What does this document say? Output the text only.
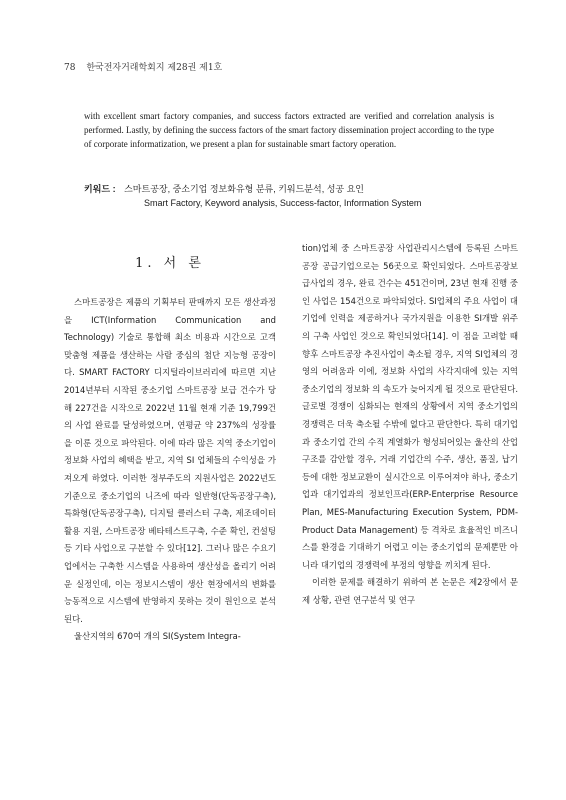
78 한국전자거래학회지 제28권 제1호
with excellent smart factory companies, and success factors extracted are verified and correlation analysis is performed. Lastly, by defining the success factors of the smart factory dissemination project according to the type of corporate informatization, we present a plan for sustainable smart factory operation.
키워드 : 스마트공장, 중소기업 정보화유형 분류, 키워드분석, 성공 요인
Smart Factory, Keyword analysis, Success-factor, Information System
1. 서 론

스마트공장은 제품의 기획부터 판매까지 모든 생산과정을 ICT(Information Communication and Technology) 기술로 통합해 최소 비용과 시간으로 고객 맞춤형 제품을 생산하는 사람 중심의 첨단 지능형 공장이다. SMART FACTORY 디지털라이브러리에 따르면 지난 2014년부터 시작된 중소기업 스마트공장 보급 건수가 당해 227건을 시작으로 2022년 11월 현재 기준 19,799건의 사업 완료를 달성하였으며, 연평균 약 237%의 성장률을 이룬 것으로 파악된다. 이에 따라 많은 지역 중소기업이 정보화 사업의 혜택을 받고, 지역 SI 업체들의 수익성을 가져오게 하였다. 이러한 정부주도의 지원사업은 2022년도 기준으로 중소기업의 니즈에 따라 일반형(단독공장구축), 특화형(단독공장구축), 디지털 클러스터 구축, 제조데이터 활용 지원, 스마트공장 베타테스트구축, 수준 확인, 컨설팅 등 기타 사업으로 구분할 수 있다[12]. 그러나 많은 수요기업에서는 구축한 시스템을 사용하여 생산성을 올리기 어려운 실정인데, 이는 정보시스템이 생산 현장에서의 변화를 능동적으로 시스템에 반영하지 못하는 것이 원인으로 분석된다.

울산지역의 670여 개의 SI(System Integra-

tion)업체 중 스마트공장 사업관리시스템에 등록된 스마트공장 공급기업으로는 56곳으로 확인되었다. 스마트공장보급사업의 경우, 완료 건수는 451건이며, 23년 현재 진행 중인 사업은 154건으로 파악되었다. SI업체의 주요 사업이 대기업에 인력을 제공하거나 국가지원을 이용한 SI개발 위주의 구축 사업인 것으로 확인되었다[14]. 이 점을 고려할 때 향후 스마트공장 추진사업이 축소될 경우, 지역 SI업체의 경영의 어려움과 이에, 정보화 사업의 사각지대에 있는 지역 중소기업의 정보화 의 속도가 늦어지게 될 것으로 판단된다. 글로벌 경쟁이 심화되는 현재의 상황에서 지역 중소기업의 경쟁력은 더욱 축소될 수밖에 없다고 판단한다. 특히 대기업과 중소기업 간의 수직 계열화가 형성되어있는 울산의 산업구조를 감안할 경우, 거래 기업간의 수주, 생산, 품질, 납기 등에 대한 정보교환이 실시간으로 이루어져야 하나, 중소기업과 대기업과의 정보인프라(ERP-Enterprise Resource Plan, MES-Manufacturing Execution System, PDM-Product Data Management) 등 격차로 효율적인 비즈니스를 환경을 기대하기 어렵고 이는 중소기업의 문제뿐만 아니라 대기업의 경쟁력에 부정의 영향을 끼치게 된다.

이러한 문제를 해결하기 위하여 본 논문은 제2장에서 문제 상황, 관련 연구분석 및 연구
